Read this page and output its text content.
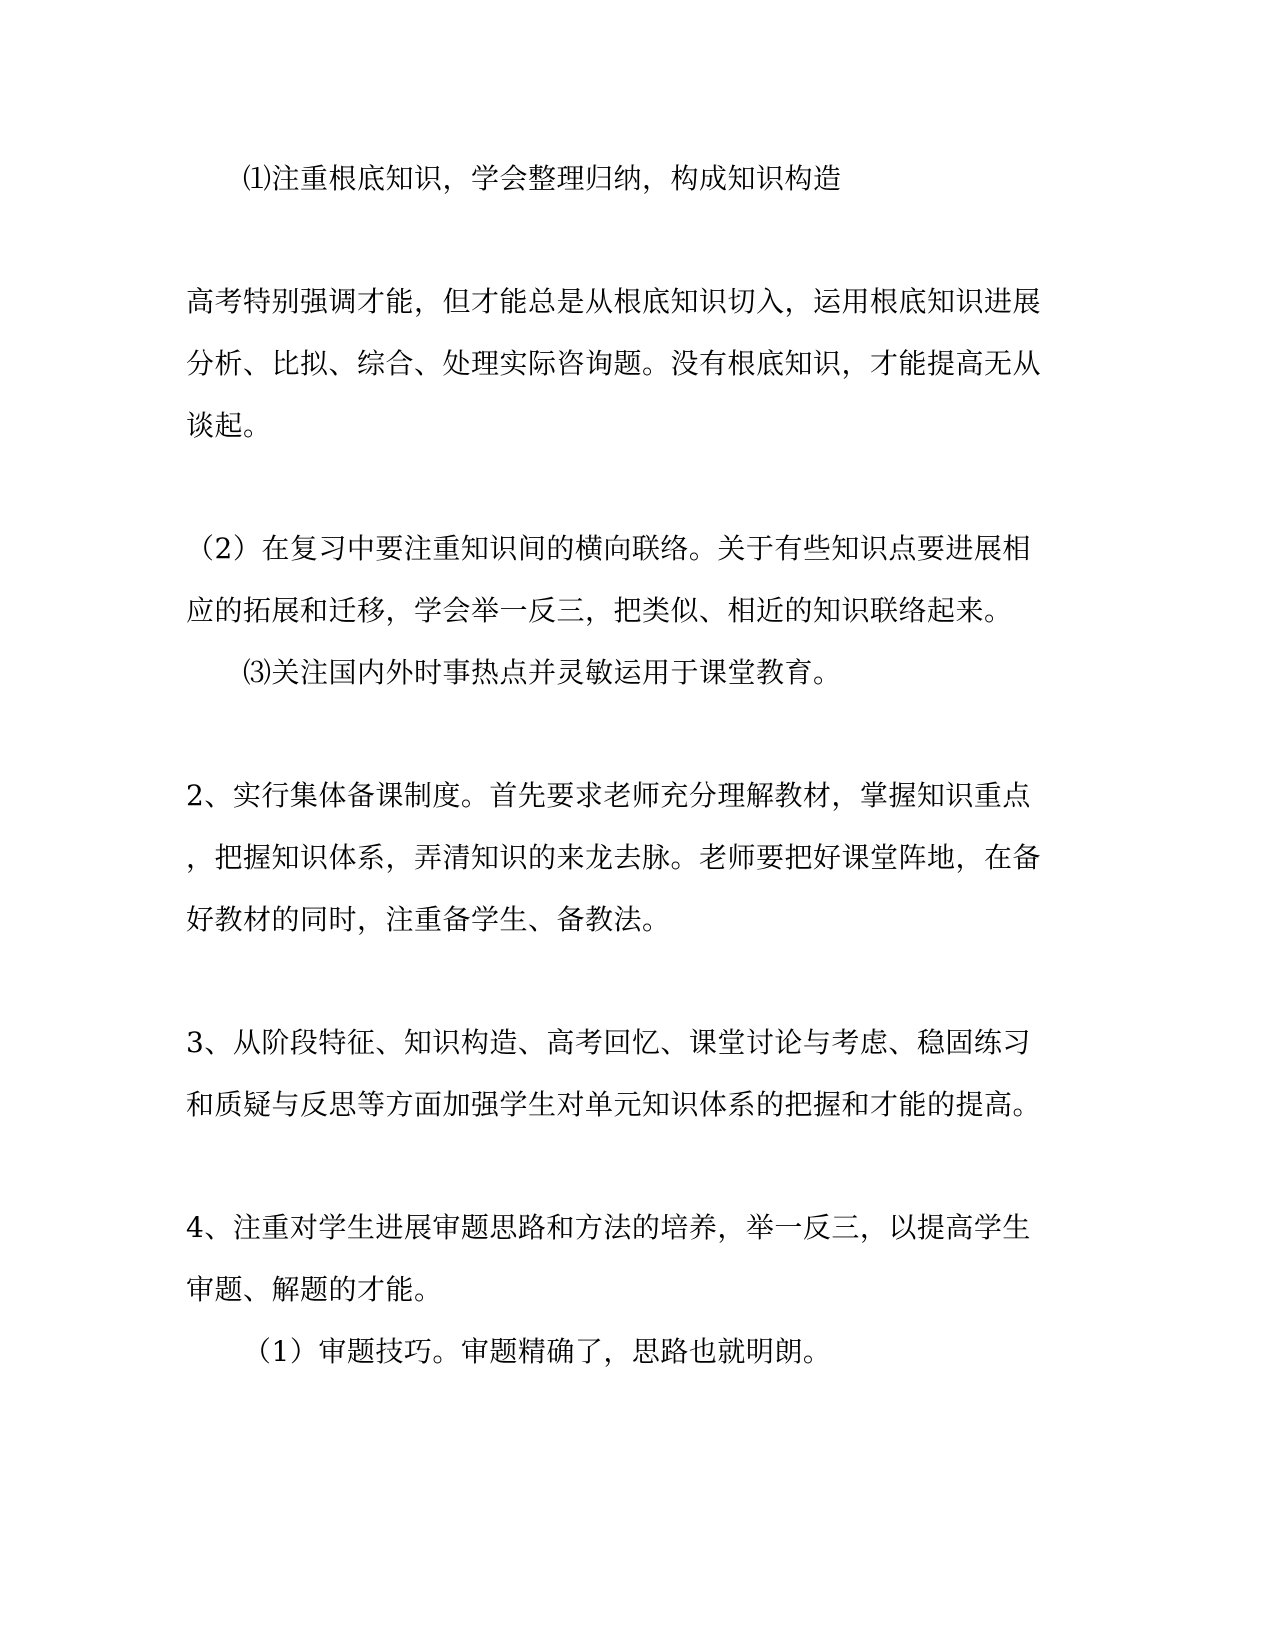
⑴注重根底知识，学会整理归纳，构成知识构造
高考特别强调才能，但才能总是从根底知识切入，运用根底知识进展
分析、比拟、综合、处理实际咨询题。没有根底知识，才能提高无从
谈起。
（2）在复习中要注重知识间的横向联络。关于有些知识点要进展相
应的拓展和迁移，学会举一反三，把类似、相近的知识联络起来。
⑶关注国内外时事热点并灵敏运用于课堂教育。
2、实行集体备课制度。首先要求老师充分理解教材，掌握知识重点
，把握知识体系，弄清知识的来龙去脉。老师要把好课堂阵地，在备
好教材的同时，注重备学生、备教法。
3、从阶段特征、知识构造、高考回忆、课堂讨论与考虑、稳固练习
和质疑与反思等方面加强学生对单元知识体系的把握和才能的提高。
4、注重对学生进展审题思路和方法的培养，举一反三，以提高学生
审题、解题的才能。
（1）审题技巧。审题精确了，思路也就明朗。
